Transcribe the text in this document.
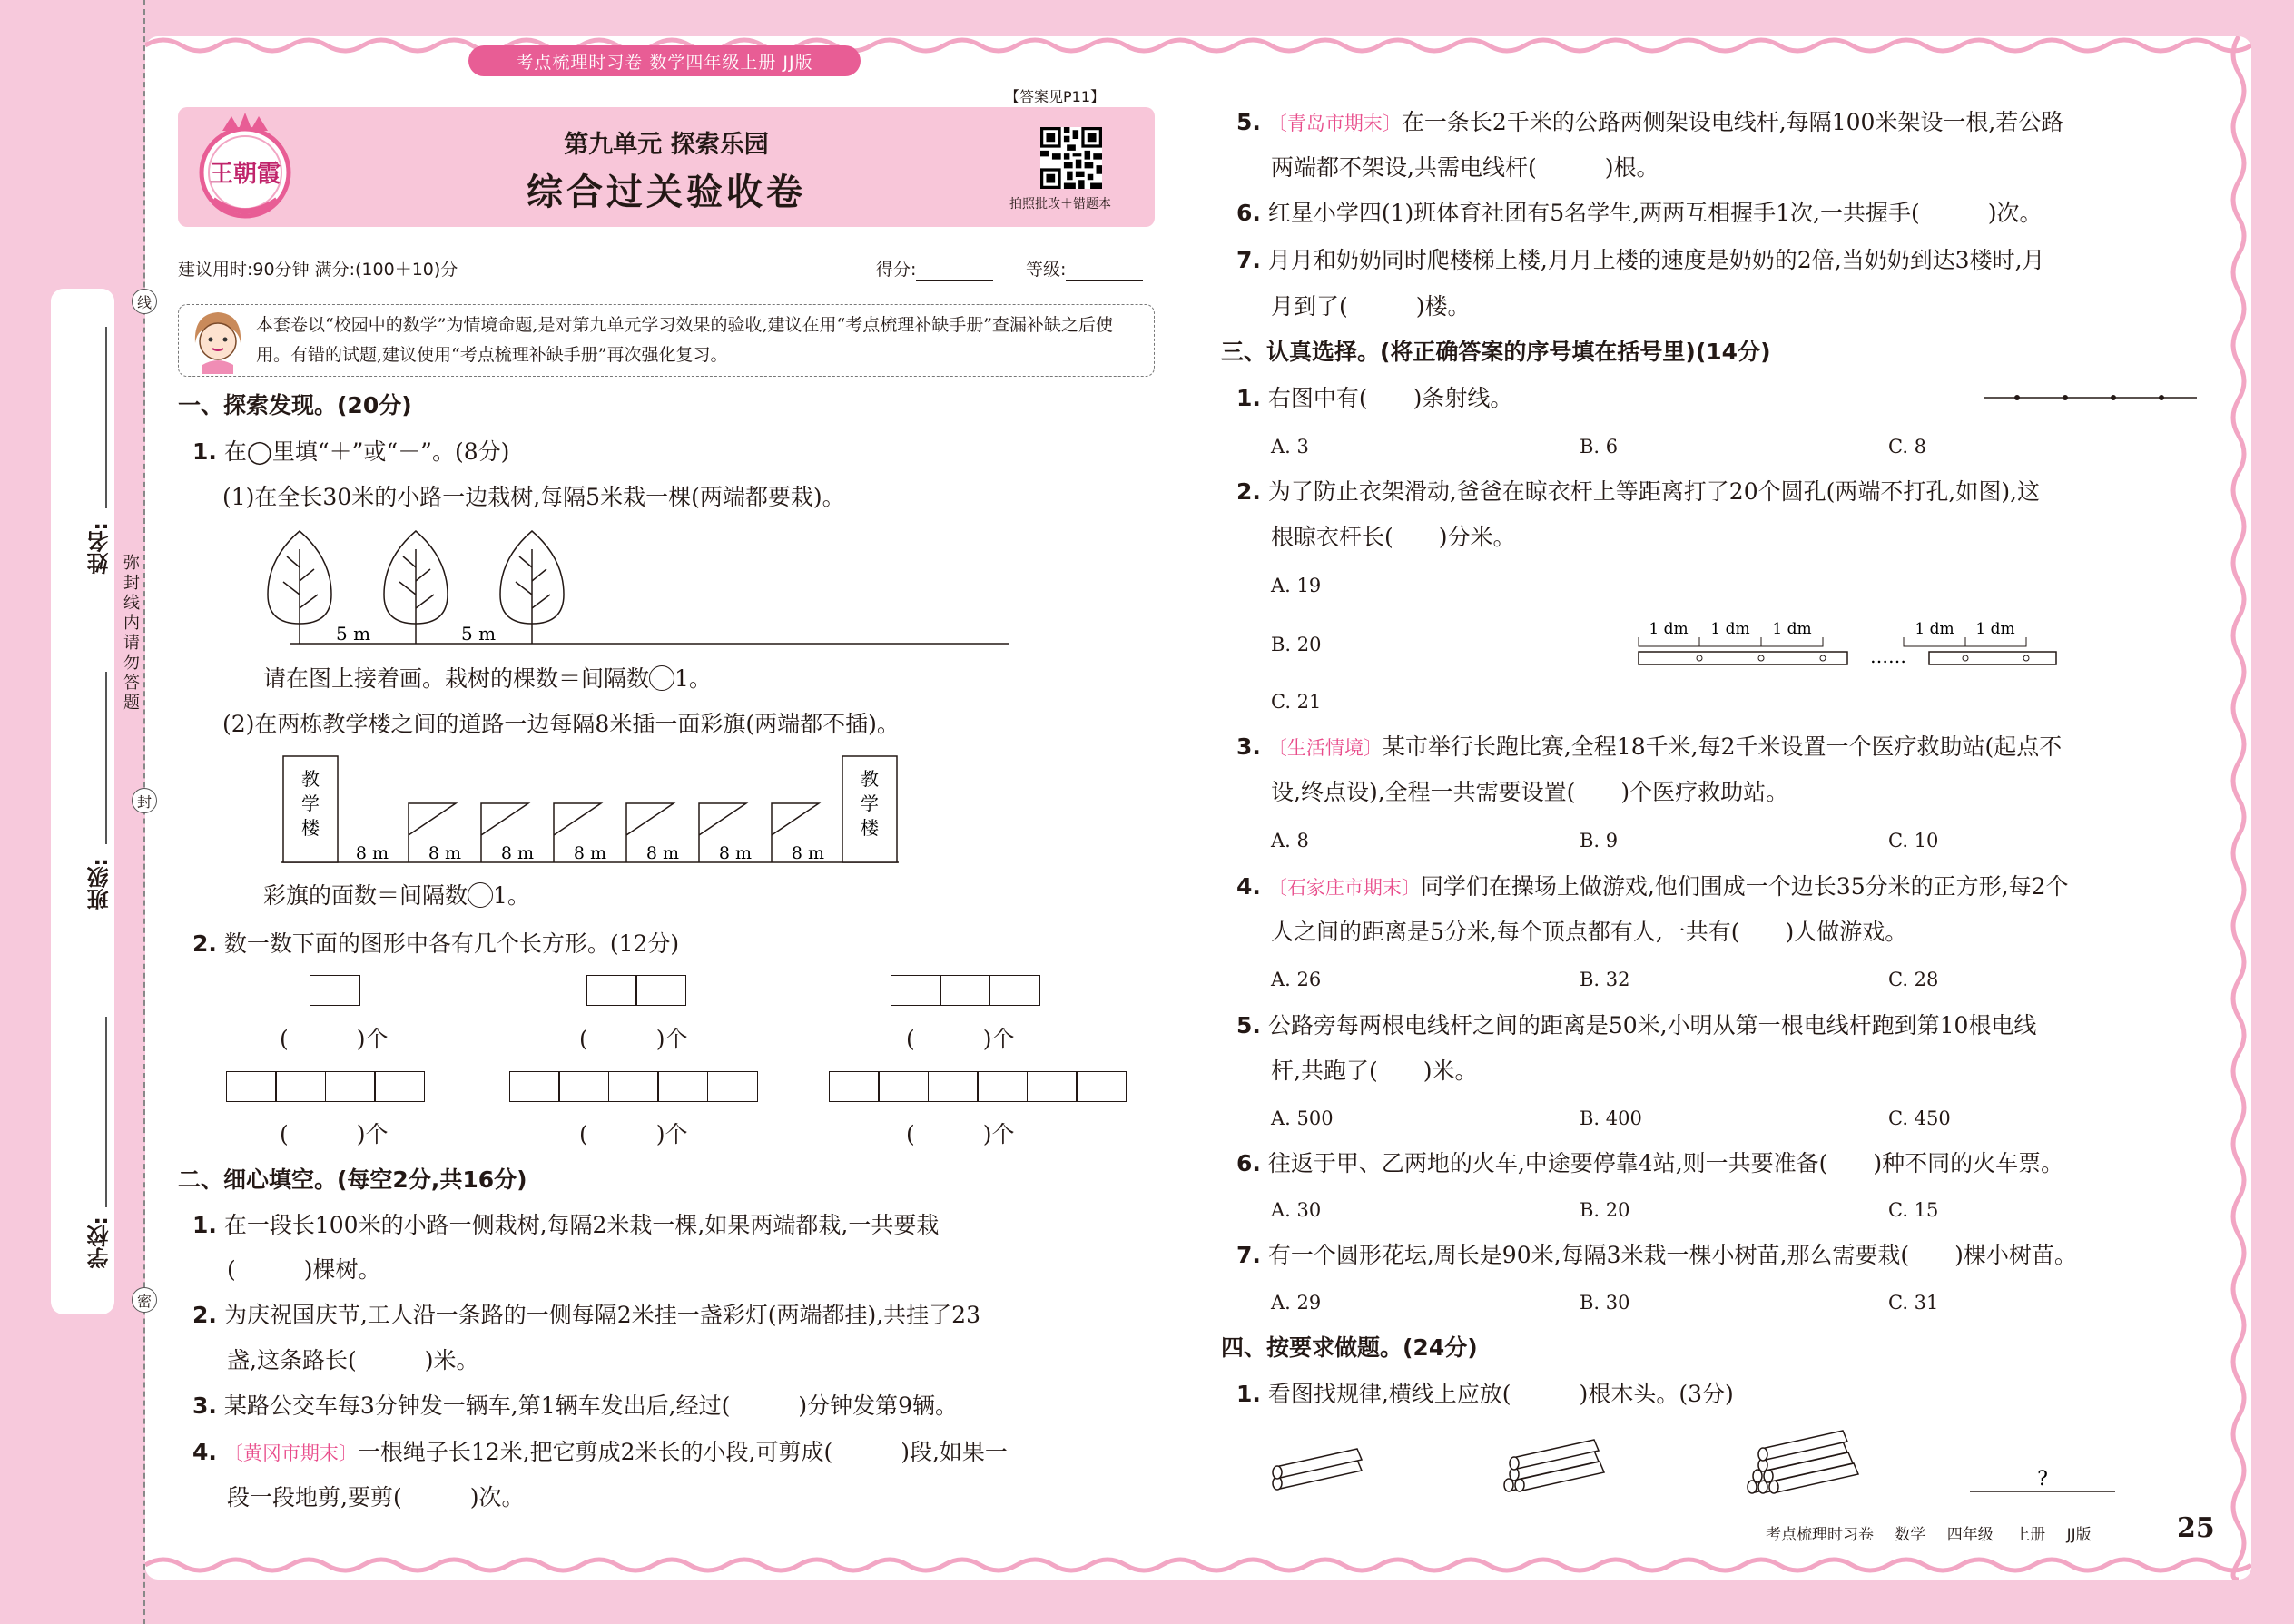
姓名:
班级:
学校:
弥封线内请勿答题
线
封
密
考点梳理时习卷 数学四年级上册 JJ版
【答案见P11】
王朝霞
第九单元 探索乐园
综合过关验收卷	拍照批改＋错题本
建议用时:90分钟 满分:(100＋10)分	得分:	等级:
本套卷以“校园中的数学”为情境命题,是对第九单元学习效果的验收,建议在用“考点梳理补缺手册”查漏补缺之后使用。有错的试题,建议使用“考点梳理补缺手册”再次强化复习。
一、探索发现。(20分)
1. 在◯里填“＋”或“－”。(8分)
(1)在全长30米的小路一边栽树,每隔5米栽一棵(两端都要栽)。
5 m	5 m
请在图上接着画。栽树的棵数＝间隔数 1。
(2)在两栋教学楼之间的道路一边每隔8米插一面彩旗(两端都不插)。
教
学
楼
教
学
楼
8 m 8 m 8 m 8 m 8 m 8 m 8 m
彩旗的面数＝间隔数 1。
2. 数一数下面的图形中各有几个长方形。(12分)
(　　　)个	(　　　)个	(　　　)个
(　　　)个	(　　　)个	(　　　)个
二、细心填空。(每空2分,共16分)
1. 在一段长100米的小路一侧栽树,每隔2米栽一棵,如果两端都栽,一共要栽
(　　　)棵树。
2. 为庆祝国庆节,工人沿一条路的一侧每隔2米挂一盏彩灯(两端都挂),共挂了23
盏,这条路长(　　　)米。
3. 某路公交车每3分钟发一辆车,第1辆车发出后,经过(　　　)分钟发第9辆。
4. 〔黄冈市期末〕一根绳子长12米,把它剪成2米长的小段,可剪成(　　　)段,如果一
段一段地剪,要剪(　　　)次。
5. 〔青岛市期末〕在一条长2千米的公路两侧架设电线杆,每隔100米架设一根,若公路
两端都不架设,共需电线杆(　　　)根。
6. 红星小学四(1)班体育社团有5名学生,两两互相握手1次,一共握手(　　　)次。
7. 月月和奶奶同时爬楼梯上楼,月月上楼的速度是奶奶的2倍,当奶奶到达3楼时,月
月到了(　　　)楼。
三、认真选择。(将正确答案的序号填在括号里)(14分)
1. 右图中有(　　)条射线。
A. 3	B. 6	C. 8
2. 为了防止衣架滑动,爸爸在晾衣杆上等距离打了20个圆孔(两端不打孔,如图),这
根晾衣杆长(　　)分米。
A. 19
B. 20
C. 21
1 dm 1 dm 1 dm	1 dm 1 dm
……
3. 〔生活情境〕某市举行长跑比赛,全程18千米,每2千米设置一个医疗救助站(起点不
设,终点设),全程一共需要设置(　　)个医疗救助站。
A. 8	B. 9	C. 10
4. 〔石家庄市期末〕同学们在操场上做游戏,他们围成一个边长35分米的正方形,每2个
人之间的距离是5分米,每个顶点都有人,一共有(　　)人做游戏。
A. 26	B. 32	C. 28
5. 公路旁每两根电线杆之间的距离是50米,小明从第一根电线杆跑到第10根电线
杆,共跑了(　　)米。
A. 500	B. 400	C. 450
6. 往返于甲、乙两地的火车,中途要停靠4站,则一共要准备(　　)种不同的火车票。
A. 30	B. 20	C. 15
7. 有一个圆形花坛,周长是90米,每隔3米栽一棵小树苗,那么需要栽(　　)棵小树苗。
A. 29	B. 30	C. 31
四、按要求做题。(24分)
1. 看图找规律,横线上应放(　　　)根木头。(3分)
?
考点梳理时习卷 数学 四年级 上册 JJ版	25
